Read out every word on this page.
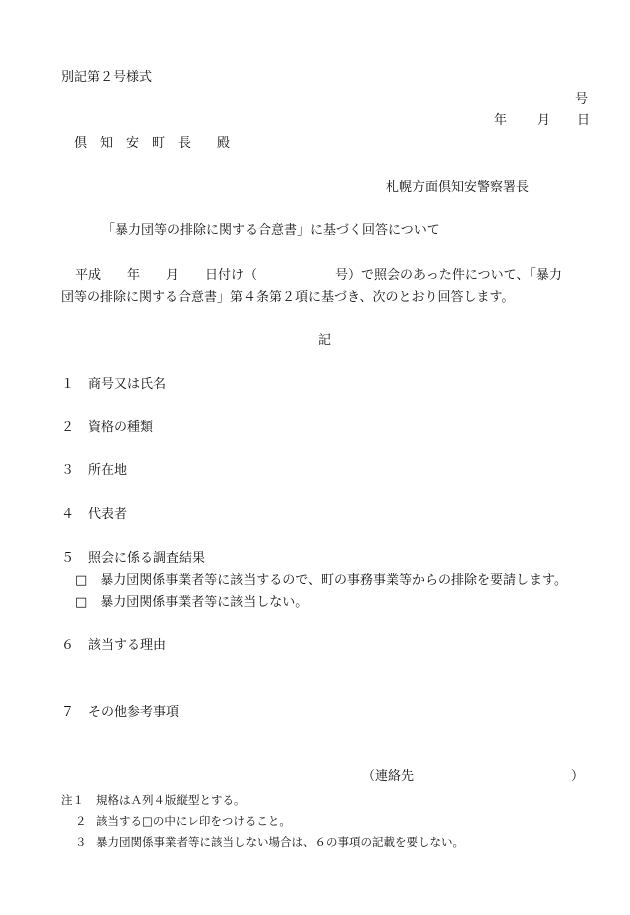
別記第２号様式
号
年 月 日
倶　知　安　町　長　　殿
札幌方面倶知安警察署長
「暴力団等の排除に関する合意書」に基づく回答について
平成　　年　　月　　日付け（　　　　　　号）で照会のあった件について、「暴力
団等の排除に関する合意書」第４条第２項に基づき、次のとおり回答します。
記
１ 商号又は氏名
２ 資格の種類
３ 所在地
４ 代表者
５ 照会に係る調査結果
□　暴力団関係事業者等に該当するので、町の事務事業等からの排除を要請します。
□　暴力団関係事業者等に該当しない。
６ 該当する理由
７ その他参考事項
（連絡先	）
注１ 規格はＡ列４版縦型とする。
２ 該当する□の中にレ印をつけること。
３ 暴力団関係事業者等に該当しない場合は、６の事項の記載を要しない。
